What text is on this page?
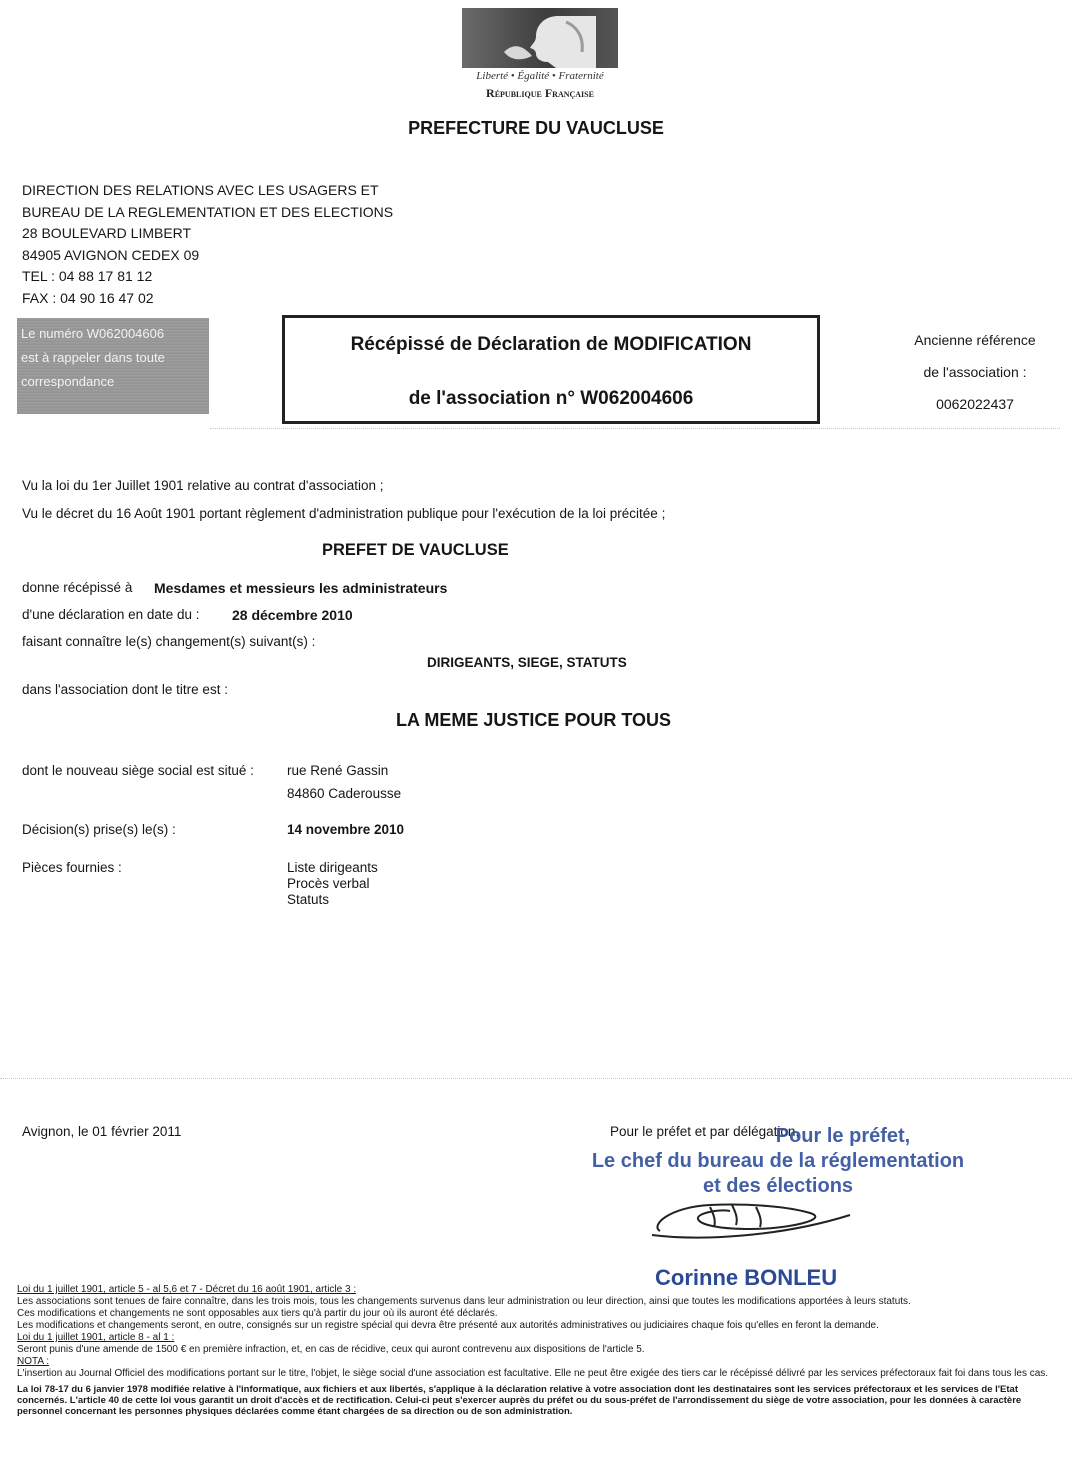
Liberté • Égalité • Fraternité
République Française
PREFECTURE DU VAUCLUSE
DIRECTION DES RELATIONS AVEC LES USAGERS ET
BUREAU DE LA REGLEMENTATION ET DES ELECTIONS
28 BOULEVARD LIMBERT
84905 AVIGNON CEDEX 09
TEL : 04 88 17 81 12
FAX : 04 90 16 47 02
Le numéro W062004606
est à rappeler dans toute
correspondance
Récépissé de Déclaration de MODIFICATION
de l'association n° W062004606
Ancienne référence
de l'association :
0062022437
Vu la loi du 1er Juillet 1901 relative au contrat d'association ;
Vu le décret du 16 Août 1901 portant règlement d'administration publique pour l'exécution de la loi précitée ;
PREFET DE VAUCLUSE
donne récépissé à Mesdames et messieurs les administrateurs
d'une déclaration en date du : 28 décembre 2010
faisant connaître le(s) changement(s) suivant(s) :
DIRIGEANTS, SIEGE, STATUTS
dans l'association dont le titre est :
LA MEME JUSTICE POUR TOUS
dont le nouveau siège social est situé : rue René Gassin
84860 Caderousse
Décision(s) prise(s) le(s) :	14 novembre 2010
Pièces fournies :	Liste dirigeants
Procès verbal
Statuts
Avignon, le 01 février 2011	Pour le préfet et par délégation,
Pour le préfet,
Le chef du bureau de la réglementation
et des élections
Corinne BONLEU
Loi du 1 juillet 1901, article 5 - al 5,6 et 7 - Décret du 16 août 1901, article 3 :

Les associations sont tenues de faire connaître, dans les trois mois, tous les changements survenus dans leur administration ou leur direction, ainsi que toutes les modifications apportées à leurs statuts.

Ces modifications et changements ne sont opposables aux tiers qu'à partir du jour où ils auront été déclarés.

Les modifications et changements seront, en outre, consignés sur un registre spécial qui devra être présenté aux autorités administratives ou judiciaires chaque fois qu'elles en feront la demande.

Loi du 1 juillet 1901, article 8 - al 1 :

Seront punis d'une amende de 1500 € en première infraction, et, en cas de récidive, ceux qui auront contrevenu aux dispositions de l'article 5.

NOTA :

L'insertion au Journal Officiel des modifications portant sur le titre, l'objet, le siège social d'une association est facultative. Elle ne peut être exigée des tiers car le récépissé délivré par les services préfectoraux fait foi dans tous les cas.

La loi 78-17 du 6 janvier 1978 modifiée relative à l'informatique, aux fichiers et aux libertés, s'applique à la déclaration relative à votre association dont les destinataires sont les services préfectoraux et les services de l'Etat concernés. L'article 40 de cette loi vous garantit un droit d'accès et de rectification. Celui-ci peut s'exercer auprès du préfet ou du sous-préfet de l'arrondissement du siège de votre association, pour les données à caractère personnel concernant les personnes physiques déclarées comme étant chargées de sa direction ou de son administration.
